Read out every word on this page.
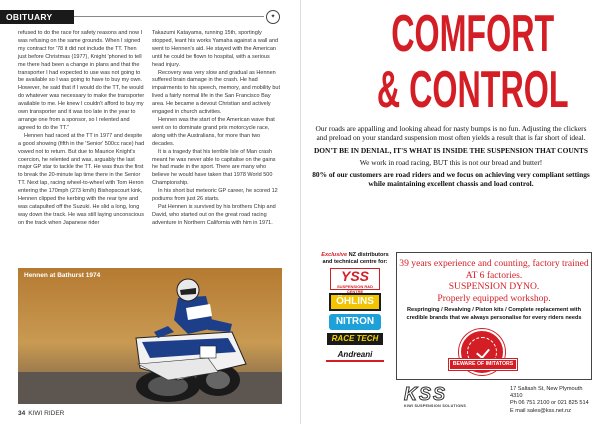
OBITUARY	✦

refused to do the race for safety reasons and now I was refusing on the same grounds. When I signed my contract for '78 it did not include the TT. Then just before Christmas (1977), Knight 'phoned to tell me there had been a change in plans and that the transporter I had expected to use was not going to be available so I was going to have to buy my own. However, he said that if I would do the TT, he would do whatever was necessary to make the transporter available to me. He knew I couldn't afford to buy my own transporter and it was too late in the year to arrange one from a sponsor, so I relented and agreed to do the TT."

Hennen had raced at the TT in 1977 and despite a good showing (fifth in the 'Senior' 500cc race) had vowed not to return. But due to Maurice Knight's coercion, he relented and was, arguably the last major GP star to tackle the TT. He was thus the first to break the 20-minute lap time there in the Senior TT. Next lap, racing wheel-to-wheel with Tom Heron entering the 170mph (273 km/h) Bishopscourt kink, Hennen clipped the kerbing with the rear tyre and was catapulted off the Suzuki. He slid a long, long way down the track. He was still laying unconscious on the track when Japanese rider

Takazumi Katayama, running 15th, sportingly stopped, leant his works Yamaha against a wall and went to Hennen's aid. He stayed with the American until he could be flown to hospital, with a serious head injury.

Recovery was very slow and gradual as Hennen suffered brain damage in the crash. He had impairments to his speech, memory, and mobility but lived a fairly normal life in the San Francisco Bay area. He became a devout Christian and actively engaged in church activities.

Hennen was the start of the American wave that went on to dominate grand prix motorcycle race, along with the Australians, for more than two decades.

It is a tragedy that his terrible Isle of Man crash meant he was never able to capitalise on the gains he had made in the sport. There are many who believe he would have taken that 1978 World 500 Championship.

In his short but meteoric GP career, he scored 12 podiums from just 26 starts.

Pat Hennen is survived by his brothers Chip and David, who started out on the great road racing adventure in Northern California with him in 1971.

Hennen at Bathurst 1974
34 KIWI RIDER
COMFORT
& CONTROL

Our roads are appalling and looking ahead for nasty bumps is no fun. Adjusting the clickers and preload on your standard suspension most often yields a result that is far short of ideal.

DON'T BE IN DENIAL, IT'S WHAT IS INSIDE THE SUSPENSION THAT COUNTS

We work in road racing, BUT this is not our bread and butter!

80% of our customers are road riders and we focus on achieving very compliant settings while maintaining excellent chassis and load control.

Exclusive NZ distributors and technical centre for:
YSS
SUSPENSION R&D CENTRE
ÖHLINS
NITRON
RACE TECH
Andreani
39 years experience and counting, factory trained AT 6 factories.
SUSPENSION DYNO.
Properly equipped workshop.
Respringing / Revalving / Piston kits / Complete replacement with credible brands that we always personalise for every riders needs
BEWARE OF IMITATORS
KSS
KIWI SUSPENSION SOLUTIONS
17 Saltash St, New Plymouth 4310
Ph 06 751 2100 or 021 825 514
E mail sales@kss.net.nz
